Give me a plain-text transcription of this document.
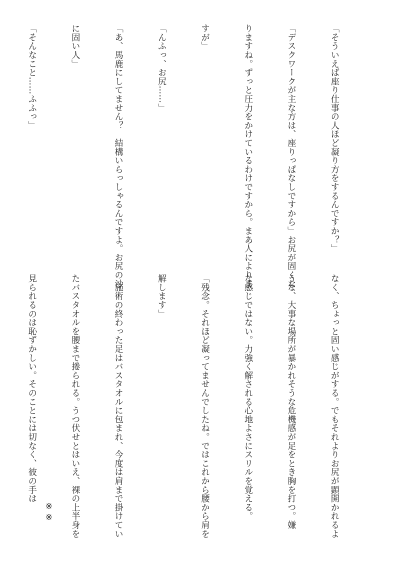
「そういえば座り仕事の人ほど凝り方をするんですか？」

「デスクワークが主な方は、座りっぱなしですから」お尻が固くな

りますね。ずっと圧力をかけているわけですから。まあ人によりま

すが」

「んふっ、お尻……」

「あ、馬鹿にしてません？　結構いらっしゃるんですよ。お尻の沙

に固い人」

「そんなこと……ふふっ」

なく、ちょっと固い感じがする。でもそれよりお尻が顕開かれるよ

うな、大事な場所が暴かれそうな危機感が足をとき胸を打つ。嫌

な感じではない。力強く解される心地よさにスリルを覚える。

「残念。それほど凝ってませんでしたね。ではこれから腰から肩を

解します」

　施術の終わった足はバスタオルに包まれ、今度は肩まで掛けてい

たバスタオルを腰まで捲られる。うつ伏せとはいえ、裸の上半身を

見られるのは恥ずかしい。そのことには切なく、彼の手は

※※
